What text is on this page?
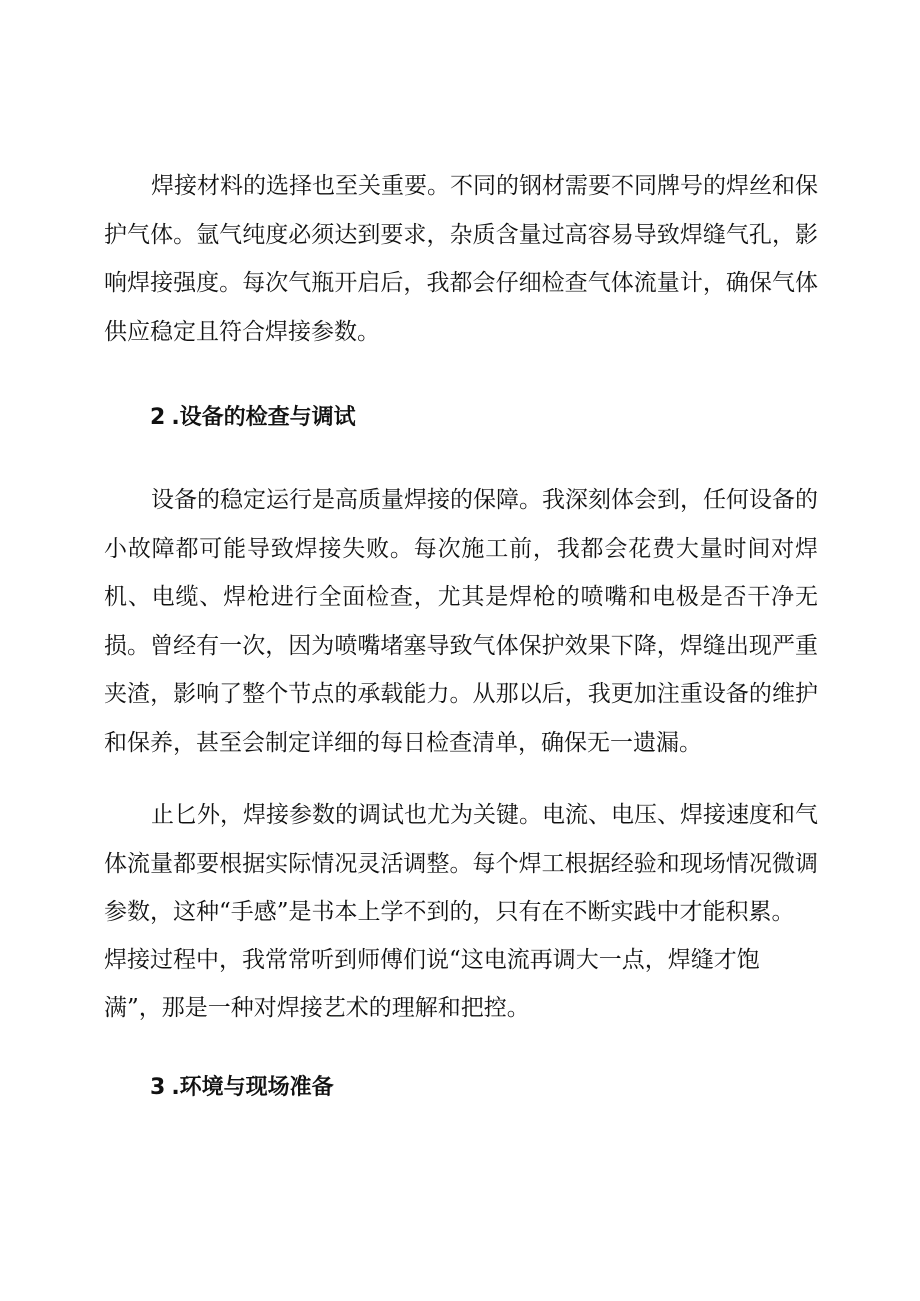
焊接材料的选择也至关重要。不同的钢材需要不同牌号的焊丝和保护气体。氩气纯度必须达到要求，杂质含量过高容易导致焊缝气孔，影响焊接强度。每次气瓶开启后，我都会仔细检查气体流量计，确保气体供应稳定且符合焊接参数。

2 .设备的检查与调试

设备的稳定运行是高质量焊接的保障。我深刻体会到，任何设备的小故障都可能导致焊接失败。每次施工前，我都会花费大量时间对焊机、电缆、焊枪进行全面检查，尤其是焊枪的喷嘴和电极是否干净无损。曾经有一次，因为喷嘴堵塞导致气体保护效果下降，焊缝出现严重夹渣，影响了整个节点的承载能力。从那以后，我更加注重设备的维护和保养，甚至会制定详细的每日检查清单，确保无一遗漏。

止匕外，焊接参数的调试也尤为关键。电流、电压、焊接速度和气体流量都要根据实际情况灵活调整。每个焊工根据经验和现场情况微调参数，这种“手感”是书本上学不到的，只有在不断实践中才能积累。

焊接过程中，我常常听到师傅们说“这电流再调大一点，焊缝才饱

满”，那是一种对焊接艺术的理解和把控。

3 .环境与现场准备
